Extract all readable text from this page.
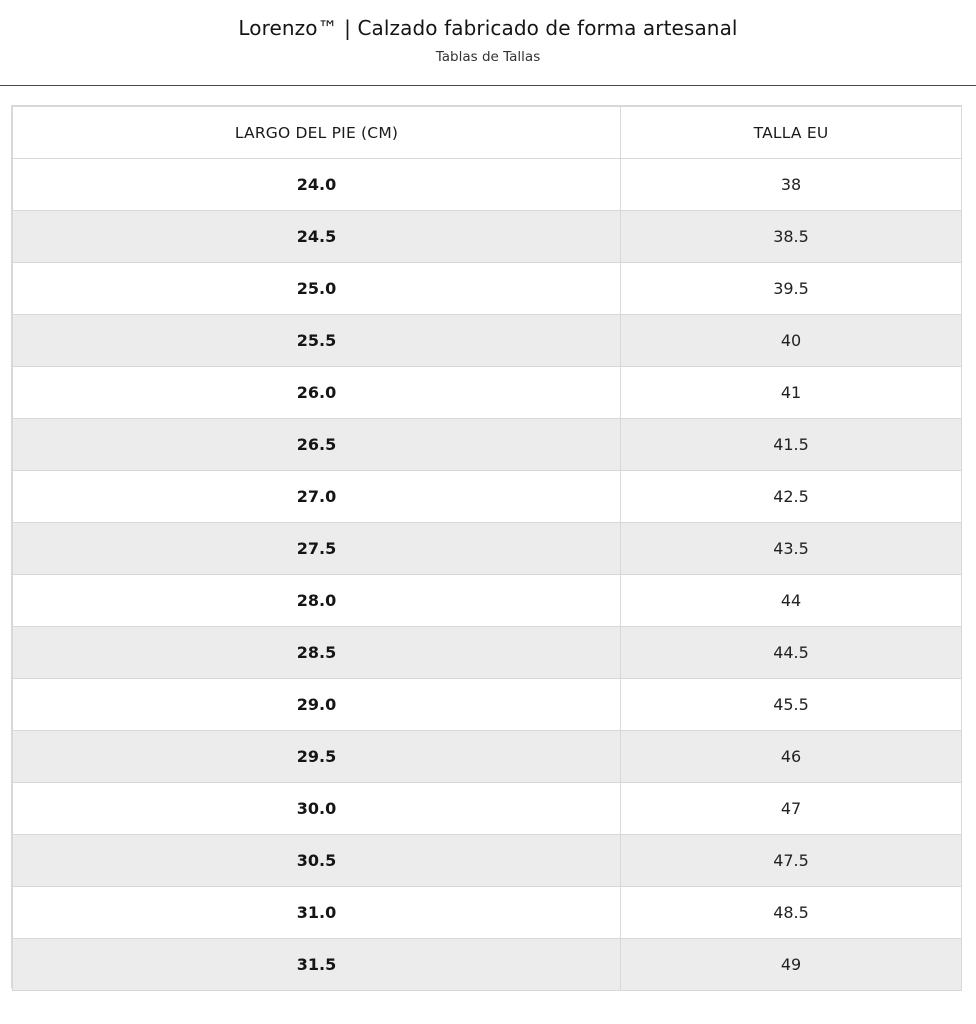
Lorenzo™ | Calzado fabricado de forma artesanal
Tablas de Tallas
LARGO DEL PIE (CM)	TALLA EU
24.0	38
24.5	38.5
25.0	39.5
25.5	40
26.0	41
26.5	41.5
27.0	42.5
27.5	43.5
28.0	44
28.5	44.5
29.0	45.5
29.5	46
30.0	47
30.5	47.5
31.0	48.5
31.5	49
